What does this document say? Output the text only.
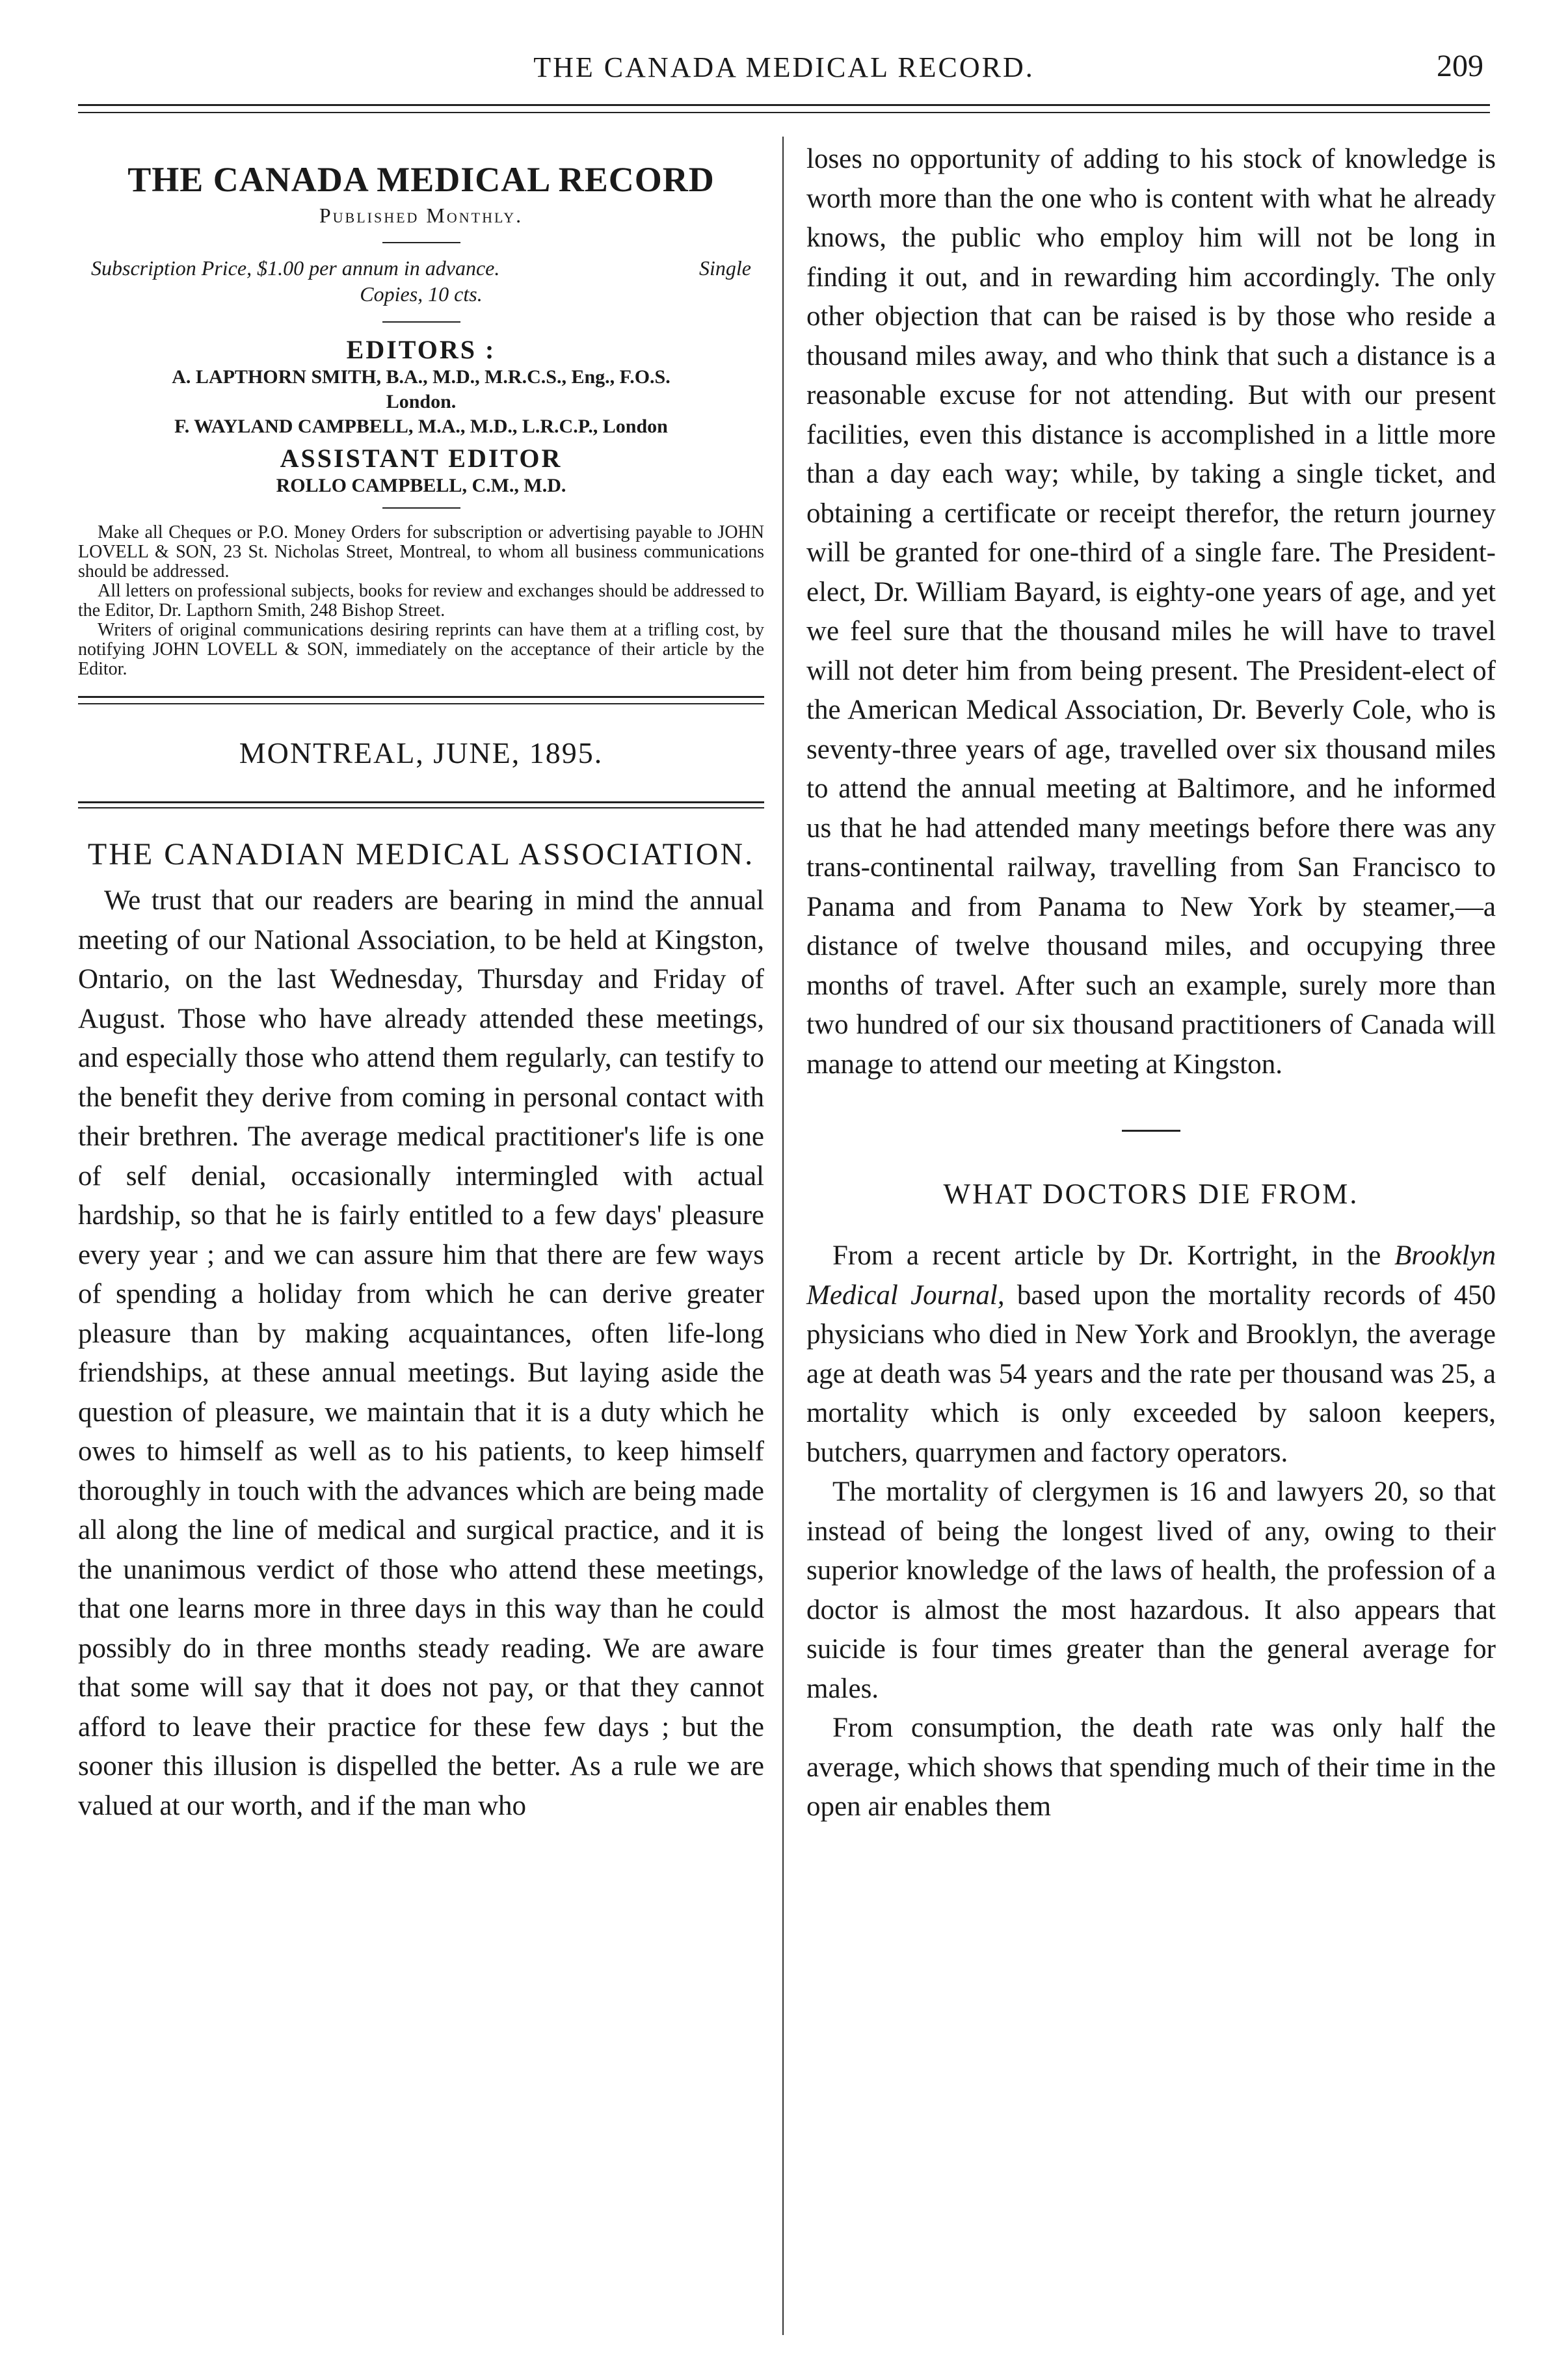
THE CANADA MEDICAL RECORD.	209
THE CANADA MEDICAL RECORD
Published Monthly.
Subscription Price, $1.00 per annum in advance.	Single
Copies, 10 cts.
EDITORS :
A. LAPTHORN SMITH, B.A., M.D., M.R.C.S., Eng., F.O.S.
London.
F. WAYLAND CAMPBELL, M.A., M.D., L.R.C.P., London
ASSISTANT EDITOR
ROLLO CAMPBELL, C.M., M.D.

Make all Cheques or P.O. Money Orders for subscription or advertising payable to JOHN LOVELL & SON, 23 St. Nicholas Street, Montreal, to whom all business communications should be addressed.

All letters on professional subjects, books for review and exchanges should be addressed to the Editor, Dr. Lapthorn Smith, 248 Bishop Street.

Writers of original communications desiring reprints can have them at a trifling cost, by notifying JOHN LOVELL & SON, immediately on the acceptance of their article by the Editor.

MONTREAL, JUNE, 1895.
THE CANADIAN MEDICAL ASSOCIATION.

We trust that our readers are bearing in mind the annual meeting of our National Association, to be held at Kingston, Ontario, on the last Wednesday, Thursday and Friday of August. Those who have already attended these meetings, and especially those who attend them regularly, can testify to the benefit they derive from coming in personal contact with their brethren. The average medical practitioner's life is one of self denial, occasionally intermingled with actual hardship, so that he is fairly entitled to a few days' pleasure every year ; and we can assure him that there are few ways of spending a holiday from which he can derive greater pleasure than by making acquaintances, often life-long friendships, at these annual meetings. But laying aside the question of pleasure, we maintain that it is a duty which he owes to himself as well as to his patients, to keep himself thoroughly in touch with the advances which are being made all along the line of medical and surgical practice, and it is the unanimous verdict of those who attend these meetings, that one learns more in three days in this way than he could possibly do in three months steady reading. We are aware that some will say that it does not pay, or that they cannot afford to leave their practice for these few days ; but the sooner this illusion is dispelled the better. As a rule we are valued at our worth, and if the man who

loses no opportunity of adding to his stock of knowledge is worth more than the one who is content with what he already knows, the public who employ him will not be long in finding it out, and in rewarding him accordingly. The only other objection that can be raised is by those who reside a thousand miles away, and who think that such a distance is a reasonable excuse for not attending. But with our present facilities, even this distance is accomplished in a little more than a day each way; while, by taking a single ticket, and obtaining a certificate or receipt therefor, the return journey will be granted for one-third of a single fare. The President-elect, Dr. William Bayard, is eighty-one years of age, and yet we feel sure that the thousand miles he will have to travel will not deter him from being present. The President-elect of the American Medical Association, Dr. Beverly Cole, who is seventy-three years of age, travelled over six thousand miles to attend the annual meeting at Baltimore, and he informed us that he had attended many meetings before there was any trans-continental railway, travelling from San Francisco to Panama and from Panama to New York by steamer,—a distance of twelve thousand miles, and occupying three months of travel. After such an example, surely more than two hundred of our six thousand practitioners of Canada will manage to attend our meeting at Kingston.

WHAT DOCTORS DIE FROM.

From a recent article by Dr. Kortright, in the Brooklyn Medical Journal, based upon the mortality records of 450 physicians who died in New York and Brooklyn, the average age at death was 54 years and the rate per thousand was 25, a mortality which is only exceeded by saloon keepers, butchers, quarrymen and factory operators.

The mortality of clergymen is 16 and lawyers 20, so that instead of being the longest lived of any, owing to their superior knowledge of the laws of health, the profession of a doctor is almost the most hazardous. It also appears that suicide is four times greater than the general average for males.

From consumption, the death rate was only half the average, which shows that spending much of their time in the open air enables them
